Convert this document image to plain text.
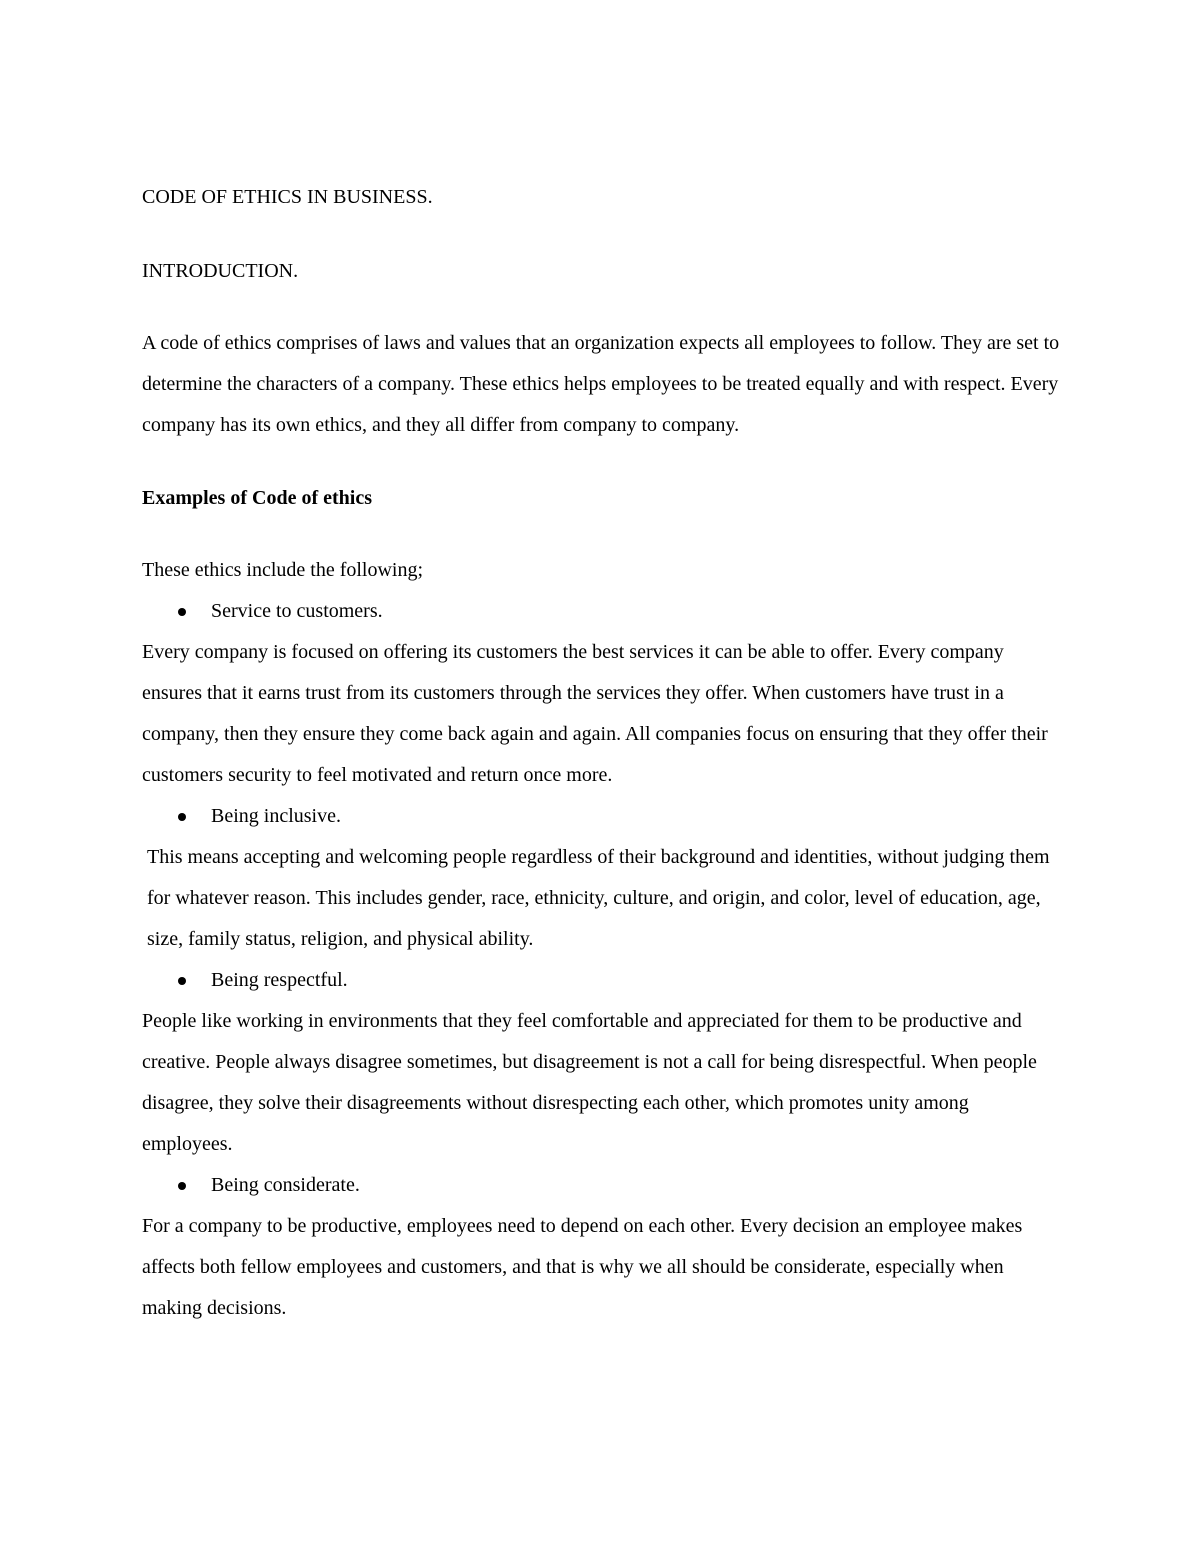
CODE OF ETHICS IN BUSINESS.
INTRODUCTION.

A code of ethics comprises of laws and values that an organization expects all employees to follow. They are set to determine the characters of a company. These ethics helps employees to be treated equally and with respect. Every company has its own ethics, and they all differ from company to company.

Examples of Code of ethics

These ethics include the following;

Service to customers.

Every company is focused on offering its customers the best services it can be able to offer. Every company ensures that it earns trust from its customers through the services they offer. When customers have trust in a company, then they ensure they come back again and again. All companies focus on ensuring that they offer their customers security to feel motivated and return once more.

Being inclusive.

This means accepting and welcoming people regardless of their background and identities, without judging them for whatever reason. This includes gender, race, ethnicity, culture, and origin, and color, level of education, age, size, family status, religion, and physical ability.

Being respectful.

People like working in environments that they feel comfortable and appreciated for them to be productive and creative. People always disagree sometimes, but disagreement is not a call for being disrespectful. When people disagree, they solve their disagreements without disrespecting each other, which promotes unity among employees.

Being considerate.

For a company to be productive, employees need to depend on each other. Every decision an employee makes affects both fellow employees and customers, and that is why we all should be considerate, especially when making decisions.
